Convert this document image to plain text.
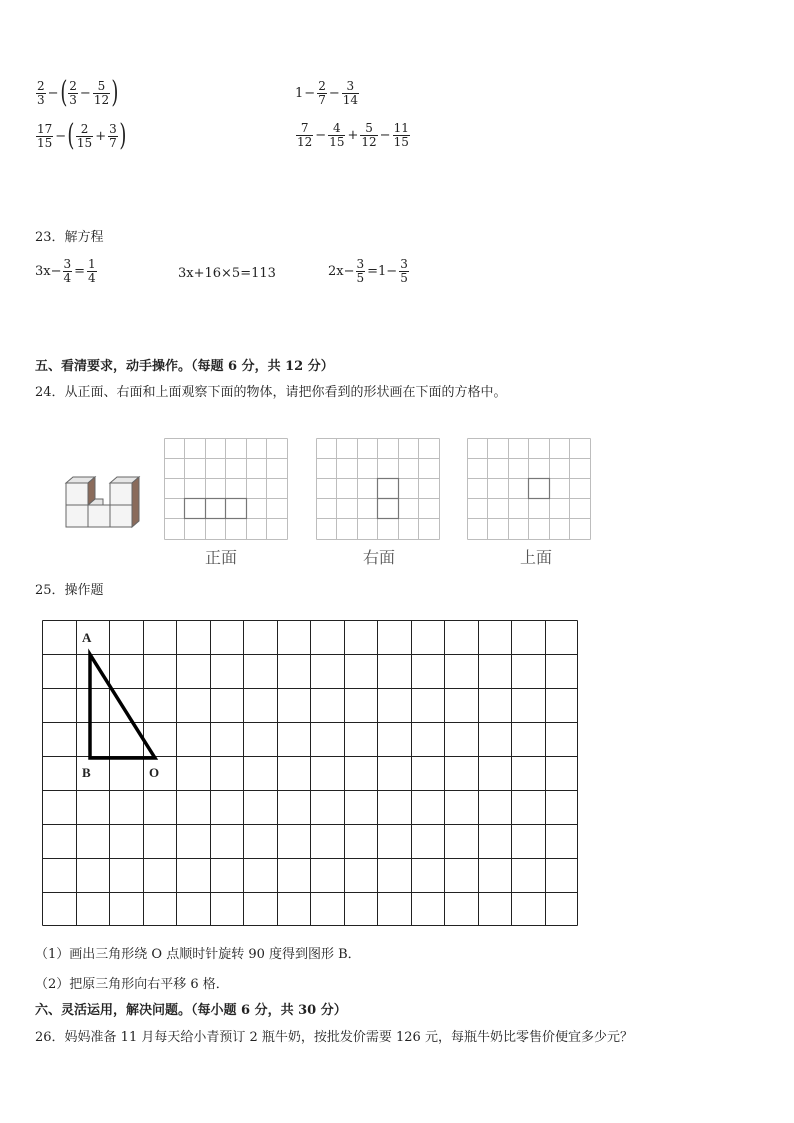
$\frac{2}{3}$ − ( $\frac{2}{3} - \frac{5}{12}$ )	$1 - \frac{2}{7} - \frac{3}{14}$
$\frac{17}{15}$ − ( $\frac{2}{15} + \frac{3}{7}$ )	$\frac{7}{12} - \frac{4}{15} + \frac{5}{12} - \frac{11}{15}$
23．解方程
$3x- \frac{3}{4} = \frac{1}{4}$	3x+16×5=113	$2x- \frac{3}{5} =1- \frac{3}{5}$
五、看清要求，动手操作。（每题 6 分，共 12 分）
24．从正面、右面和上面观察下面的物体，请把你看到的形状画在下面的方格中。
正面	右面	上面
25．操作题
A
B	O
（1）画出三角形绕 O 点顺时针旋转 90 度得到图形 B．
（2）把原三角形向右平移 6 格．
六、灵活运用，解决问题。（每小题 6 分，共 30 分）
26．妈妈准备 11 月每天给小青预订 2 瓶牛奶，按批发价需要 126 元，每瓶牛奶比零售价便宜多少元？
